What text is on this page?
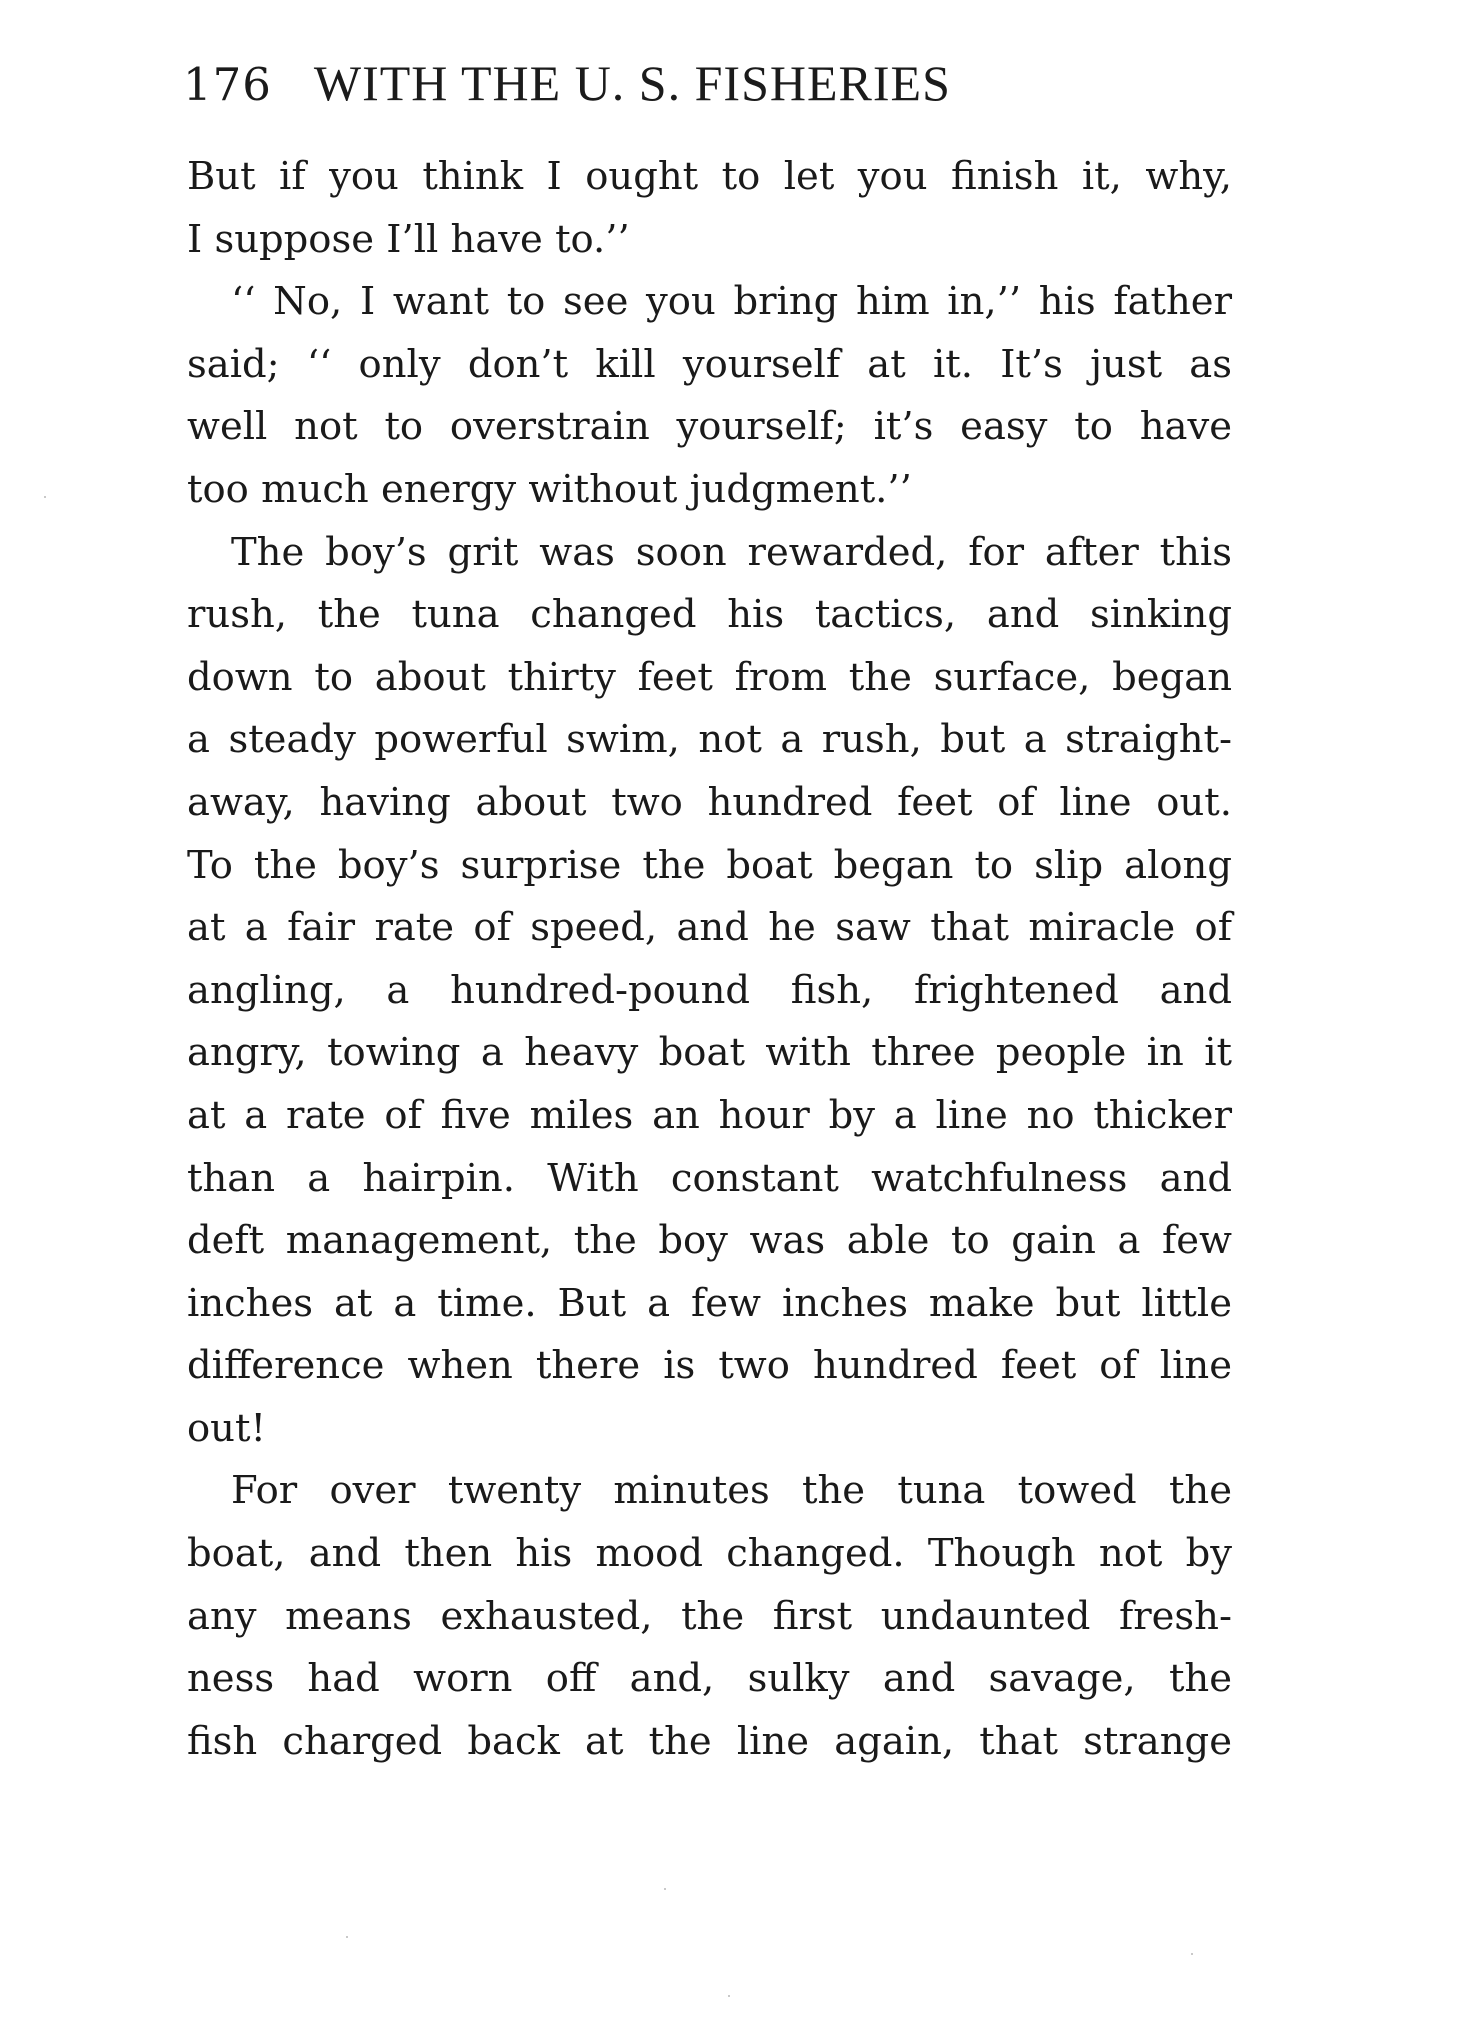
176 WITH THE U. S. FISHERIES
But if you think I ought to let you finish it, why,
I suppose I’ll have to.’’
‘‘ No, I want to see you bring him in,’’ his father
said; ‘‘ only don’t kill yourself at it. It’s just as
well not to overstrain yourself; it’s easy to have
too much energy without judgment.’’
The boy’s grit was soon rewarded, for after this
rush, the tuna changed his tactics, and sinking
down to about thirty feet from the surface, began
a steady powerful swim, not a rush, but a straight-
away, having about two hundred feet of line out.
To the boy’s surprise the boat began to slip along
at a fair rate of speed, and he saw that miracle of
angling, a hundred-pound fish, frightened and
angry, towing a heavy boat with three people in it
at a rate of five miles an hour by a line no thicker
than a hairpin. With constant watchfulness and
deft management, the boy was able to gain a few
inches at a time. But a few inches make but little
difference when there is two hundred feet of line
out!
For over twenty minutes the tuna towed the
boat, and then his mood changed. Though not by
any means exhausted, the first undaunted fresh-
ness had worn off and, sulky and savage, the
fish charged back at the line again, that strange
